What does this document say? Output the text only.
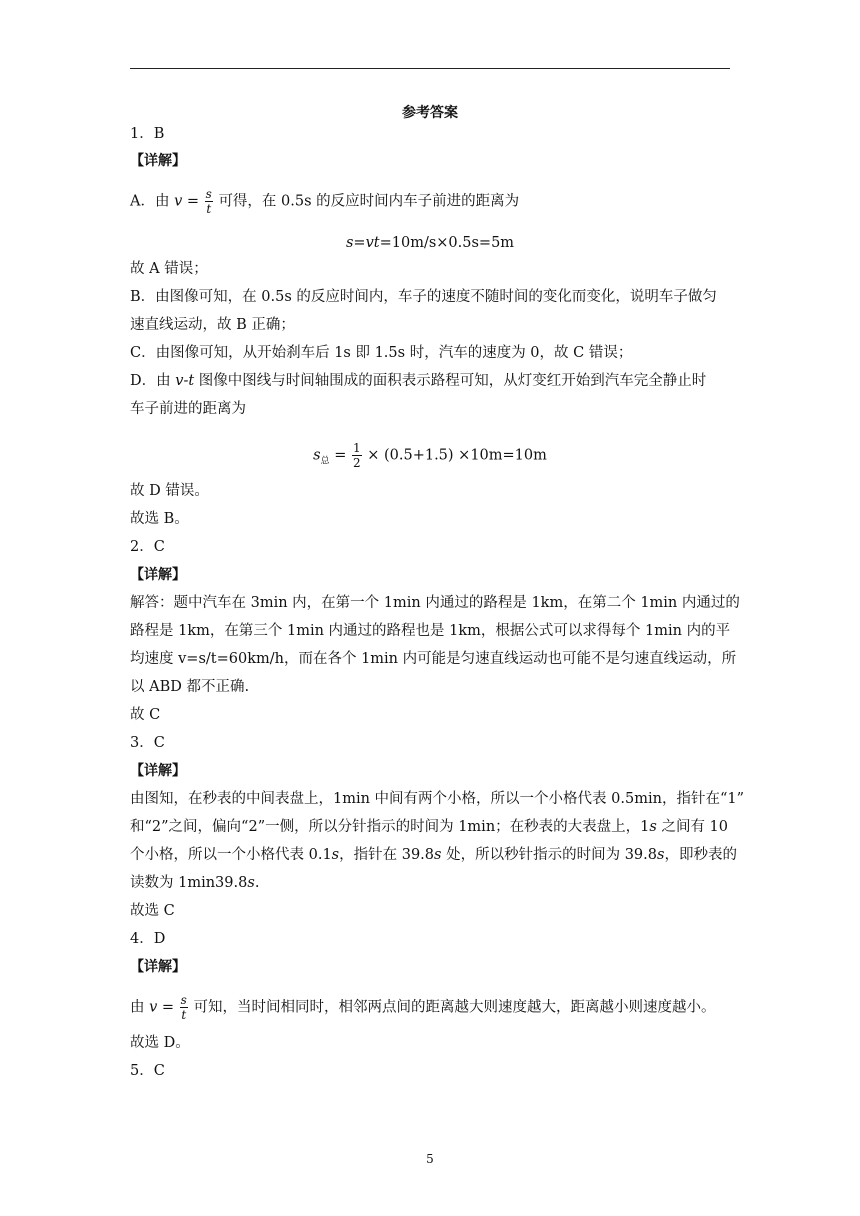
参考答案
1．B
【详解】
A．由 $v = \frac{s}{t}$ 可得，在 0.5s 的反应时间内车子前进的距离为
s=vt=10m/s×0.5s=5m
故 A 错误；
B．由图像可知，在 0.5s 的反应时间内，车子的速度不随时间的变化而变化，说明车子做匀
速直线运动，故 B 正确；
C．由图像可知，从开始刹车后 1s 即 1.5s 时，汽车的速度为 0，故 C 错误；
D．由 v-t 图像中图线与时间轴围成的面积表示路程可知，从灯变红开始到汽车完全静止时
车子前进的距离为
$s_总 = \frac{1}{2} \times (0.5+1.5) \times 10m=10m$
故 D 错误。
故选 B。
2．C
【详解】
解答：题中汽车在 3min 内，在第一个 1min 内通过的路程是 1km，在第二个 1min 内通过的
路程是 1km，在第三个 1min 内通过的路程也是 1km，根据公式可以求得每个 1min 内的平
均速度 v=s/t=60km/h，而在各个 1min 内可能是匀速直线运动也可能不是匀速直线运动，所
以 ABD 都不正确.
故 C
3．C
【详解】
由图知，在秒表的中间表盘上，1min 中间有两个小格，所以一个小格代表 0.5min，指针在“1”
和“2”之间，偏向“2”一侧，所以分针指示的时间为 1min；在秒表的大表盘上，1s 之间有 10
个小格，所以一个小格代表 0.1s，指针在 39.8s 处，所以秒针指示的时间为 39.8s，即秒表的
读数为 1min39.8s.
故选 C
4．D
【详解】
由 $v = \frac{s}{t}$ 可知，当时间相同时，相邻两点间的距离越大则速度越大，距离越小则速度越小。
故选 D。
5．C
5
